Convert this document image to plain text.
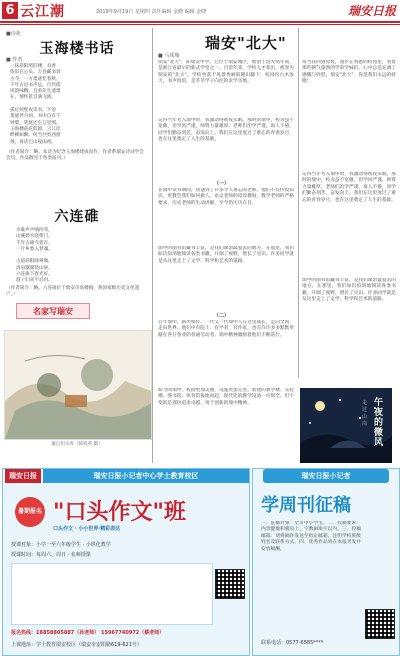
6 云江潮	2019年9月19日 星期四 责任编辑 金晓 编辑 金晓	瑞安日报
■诗苑
玉海楼书话
■ 作者
一抹斜阳照旧楼，书香
依旧在心头。万卷藏书诉
古今，一方墨迹忆春秋。
千年古邑书声远，百代儒
风韵味稠。且看先生遗墨
在，情怀犹自满飞鸥。

孤灯照壁夜读书，半卷
黄庭伴月初。书中自有千
钟粟，笔底还生万里图。
玉海楼前花似锦，云江岸
畔柳如酥。何当共剪西窗
烛，再话巴山夜雨初。
（作者简介：略。本诗为纪念玉海楼建成而作，作者系瑞安诗词学会会员，作品散见于各类报刊。）
六连碓
水碓声声响四邻，
山溪碧水绕柴门。
千年古碓今犹在，
一片乡愁入梦魂。

古道斜阳映翠微，
清泉潺潺绕山扉。
六连碓下春光好，
游子归来不忍归。
（作者简介：略。六连碓位于瑞安市高楼镇，系国家级历史文化遗产。）
名家写瑞安
碓臼坦水库（陈铁英 摄）
瑞安"北大"
■ 马邦城
瑞安"北大"，即瑞安中学。它位于瑞安城区，始创于清光绪年间，是浙江省最早的新式学堂之一。百余年来，学校人才辈出，被誉为瑞安的"北大"。学校坐落于风景秀丽的隆山脚下，校园内古木参天，书声琅琅，是莘莘学子向往的求学圣地。
记得当年考入瑞中时，我激动得彻夜未眠。那时的瑞中，校舍虽不宽敞，但学风严谨，师资力量雄厚。老师们治学严谨，诲人不倦，同学们勤奋刻苦，奋发向上。我们在这里度过了难忘的青春岁月，也在这里奠定了人生的基础。
（一）
在瑞中读书期间，我遇到了许多令人难忘的老师。他们不仅传授知识，更教会我们如何做人。语文老师的谆谆教诲，数学老师的严格要求，历史老师的生动讲解，至今仍历历在目。
瑞中的图书馆藏书丰富，是我们课余最爱去的地方。在那里，我们如饥似渴地阅读各类书籍，开阔了视野，增长了见识。许多同学就是从这里走上了文学、科学和艺术的道路。
（二）
百年瑞中，薪火相传。一代又一代瑞中人在这里成长，走向全国，走向世界。他们中有院士、有学者、有作家，也有许许多多默默奉献在各行各业的普通劳动者。瑞中精神激励着他们不断前行。
如今的瑞中，校园更加美丽，设施更加完善。新建的教学楼、实验楼、图书馆、体育馆拔地而起，现代化的教学设备一应俱全。但不变的是那份追求卓越、勇于创新的瑞中精神。
每当我回到母校，漫步在熟悉的校园里，看着那些朝气蓬勃的学弟学妹们，心中总是充满了感慨与欣慰。瑞安"北大"，你是我们永远的骄傲！
记得当年考入瑞中时，我激动得彻夜未眠。那时的瑞中，校舍虽不宽敞，但学风严谨，师资力量雄厚。老师们治学严谨，诲人不倦，同学们勤奋刻苦，奋发向上。我们在这里度过了难忘的青春岁月，也在这里奠定了人生的基础。
瑞中的图书馆藏书丰富，是我们课余最爱去的地方。在那里，我们如饥似渴地阅读各类书籍，开阔了视野，增长了见识。许多同学就是从这里走上了文学、科学和艺术的道路。
午夜的微风
走过山岗
瑞安日报小记者中心学士教育校区
瑞安日报
暑期报名 "口头作文"班
口头作文 · 小小世界·精彩表达
授课对象：小学一至六年级学生 · 小班化教学
授课时间：每周六、周日 · 名师授课
报名热线：18858805887（孙老师） 15967740972（蔡老师）
上课地址：学士教育瑞安校区（瑞安市安阳路619-621号）
瑞安日报小记者
学周刊征稿
一、征稿对象：全市中小学生。二、投稿要求：内容健康积极向上，字数800字以内。三、投稿邮箱：请将稿件发送至指定邮箱，注明学校班级姓名及联系方式。四、优秀作品将在本报刊发并发放稿酬。
联系电话：0577-6585****
